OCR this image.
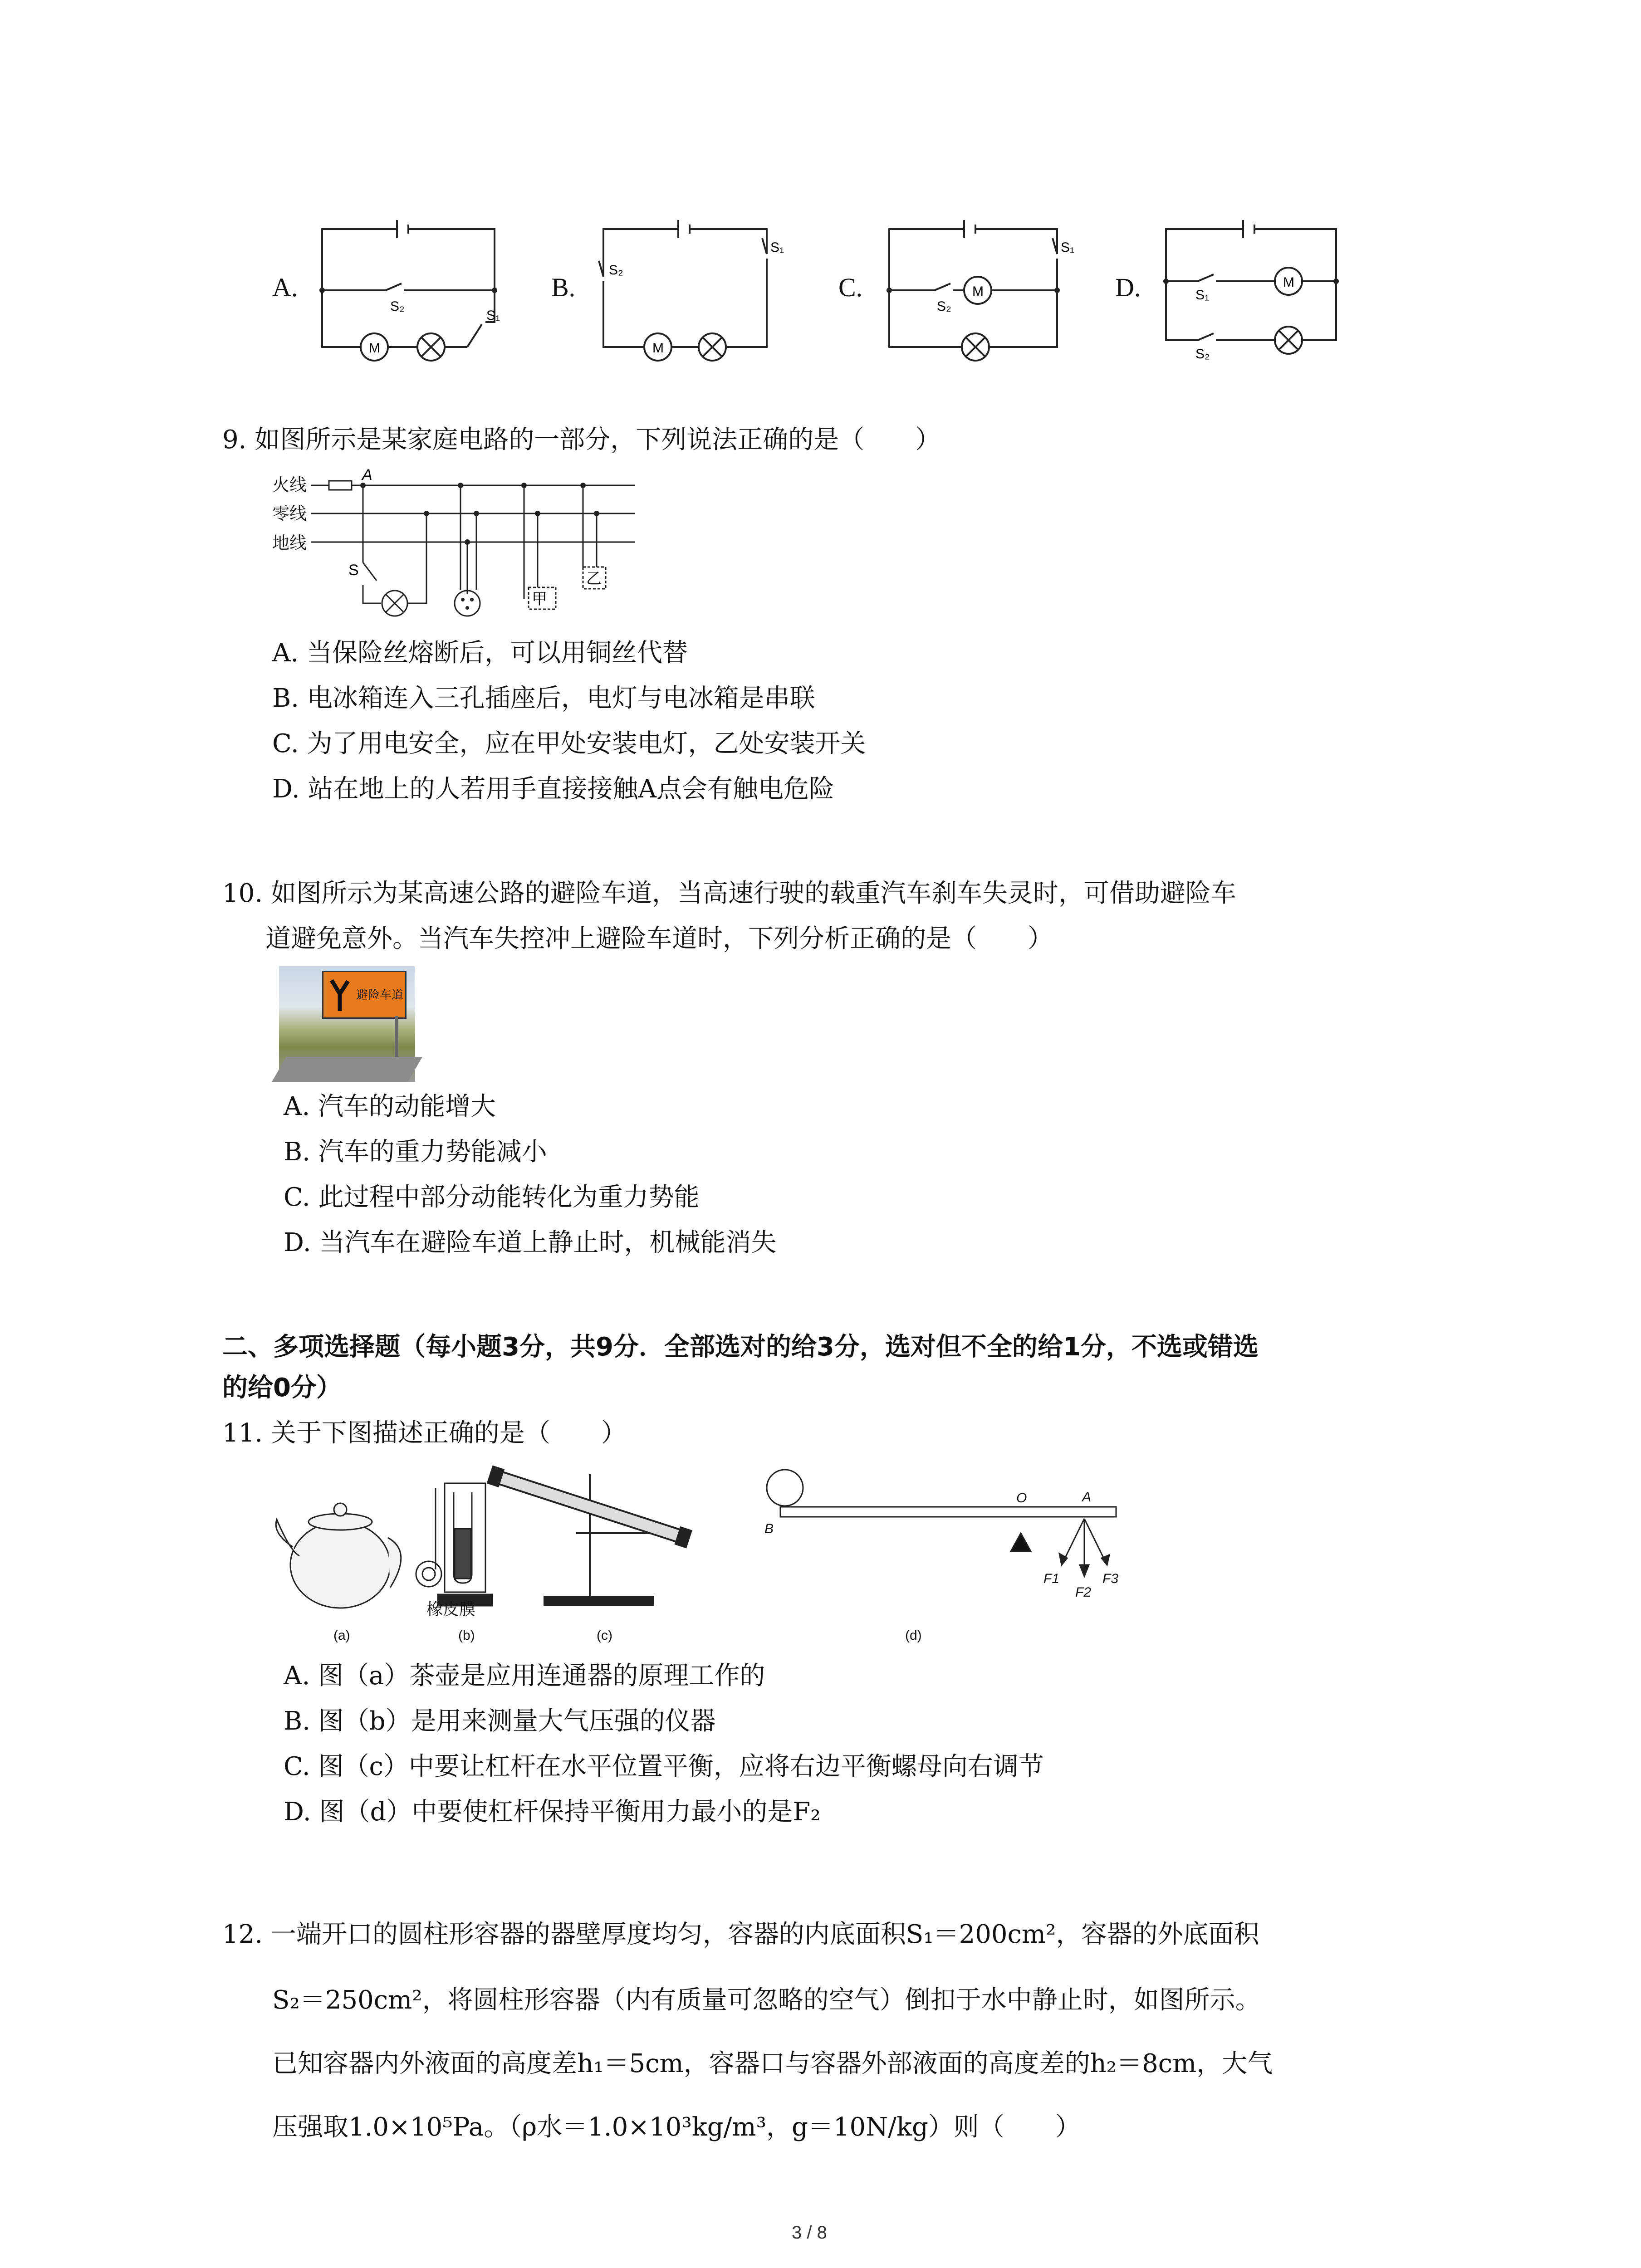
A.	B.	C.	D.
M
S₂
S₁
M
S₂
S₁
M
S₂
S₁
M
S₁
S₂
9. 如图所示是某家庭电路的一部分，下列说法正确的是（　　）
火线
零线
地线
A
S
甲
乙
A. 当保险丝熔断后，可以用铜丝代替
B. 电冰箱连入三孔插座后，电灯与电冰箱是串联
C. 为了用电安全，应在甲处安装电灯，乙处安装开关
D. 站在地上的人若用手直接接触A点会有触电危险
10. 如图所示为某高速公路的避险车道，当高速行驶的载重汽车刹车失灵时，可借助避险车
道避免意外。当汽车失控冲上避险车道时，下列分析正确的是（　　）
避险车道
A. 汽车的动能增大
B. 汽车的重力势能减小
C. 此过程中部分动能转化为重力势能
D. 当汽车在避险车道上静止时，机械能消失
二、多项选择题（每小题3分，共9分．全部选对的给3分，选对但不全的给1分，不选或错选
的给0分）
11. 关于下图描述正确的是（　　）
(a)	(b)	(c)	(d)
橡皮膜
O	A
B
F1
F2
F3
A. 图（a）茶壶是应用连通器的原理工作的
B. 图（b）是用来测量大气压强的仪器
C. 图（c）中要让杠杆在水平位置平衡，应将右边平衡螺母向右调节
D. 图（d）中要使杠杆保持平衡用力最小的是F₂
12. 一端开口的圆柱形容器的器壁厚度均匀，容器的内底面积S₁＝200cm²，容器的外底面积
S₂＝250cm²，将圆柱形容器（内有质量可忽略的空气）倒扣于水中静止时，如图所示。
已知容器内外液面的高度差h₁＝5cm，容器口与容器外部液面的高度差的h₂＝8cm，大气
压强取1.0×10⁵Pa。（ρ水＝1.0×10³kg/m³，g＝10N/kg）则（　　）
3 / 8
